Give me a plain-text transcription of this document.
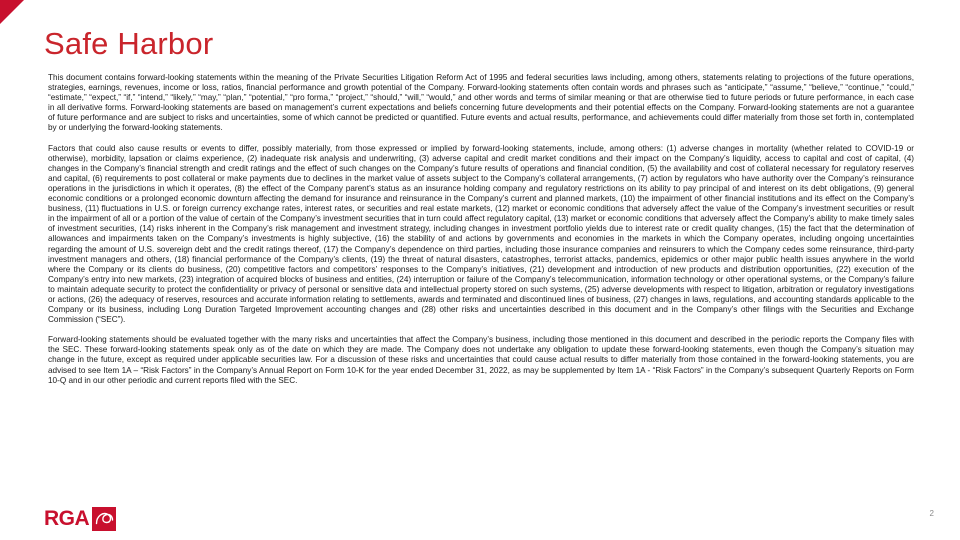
Safe Harbor

This document contains forward-looking statements within the meaning of the Private Securities Litigation Reform Act of 1995 and federal securities laws including, among others, statements relating to projections of the future operations, strategies, earnings, revenues, income or loss, ratios, financial performance and growth potential of the Company. Forward-looking statements often contain words and phrases such as “anticipate,” “assume,” “believe,” “continue,” “could,” “estimate,” “expect,” “if,” “intend,” “likely,” “may,” “plan,” “potential,” “pro forma,” “project,” “should,” “will,” “would,” and other words and terms of similar meaning or that are otherwise tied to future periods or future performance, in each case in all derivative forms. Forward-looking statements are based on management’s current expectations and beliefs concerning future developments and their potential effects on the Company. Forward-looking statements are not a guarantee of future performance and are subject to risks and uncertainties, some of which cannot be predicted or quantified. Future events and actual results, performance, and achievements could differ materially from those set forth in, contemplated by or underlying the forward-looking statements.

Factors that could also cause results or events to differ, possibly materially, from those expressed or implied by forward-looking statements, include, among others: (1) adverse changes in mortality (whether related to COVID-19 or otherwise), morbidity, lapsation or claims experience, (2) inadequate risk analysis and underwriting, (3) adverse capital and credit market conditions and their impact on the Company’s liquidity, access to capital and cost of capital, (4) changes in the Company’s financial strength and credit ratings and the effect of such changes on the Company’s future results of operations and financial condition, (5) the availability and cost of collateral necessary for regulatory reserves and capital, (6) requirements to post collateral or make payments due to declines in the market value of assets subject to the Company’s collateral arrangements, (7) action by regulators who have authority over the Company’s reinsurance operations in the jurisdictions in which it operates, (8) the effect of the Company parent’s status as an insurance holding company and regulatory restrictions on its ability to pay principal of and interest on its debt obligations, (9) general economic conditions or a prolonged economic downturn affecting the demand for insurance and reinsurance in the Company’s current and planned markets, (10) the impairment of other financial institutions and its effect on the Company’s business, (11) fluctuations in U.S. or foreign currency exchange rates, interest rates, or securities and real estate markets, (12) market or economic conditions that adversely affect the value of the Company’s investment securities or result in the impairment of all or a portion of the value of certain of the Company’s investment securities that in turn could affect regulatory capital, (13) market or economic conditions that adversely affect the Company’s ability to make timely sales of investment securities, (14) risks inherent in the Company’s risk management and investment strategy, including changes in investment portfolio yields due to interest rate or credit quality changes, (15) the fact that the determination of allowances and impairments taken on the Company’s investments is highly subjective, (16) the stability of and actions by governments and economies in the markets in which the Company operates, including ongoing uncertainties regarding the amount of U.S. sovereign debt and the credit ratings thereof, (17) the Company’s dependence on third parties, including those insurance companies and reinsurers to which the Company cedes some reinsurance, third-party investment managers and others, (18) financial performance of the Company’s clients, (19) the threat of natural disasters, catastrophes, terrorist attacks, pandemics, epidemics or other major public health issues anywhere in the world where the Company or its clients do business, (20) competitive factors and competitors’ responses to the Company’s initiatives, (21) development and introduction of new products and distribution opportunities, (22) execution of the Company’s entry into new markets, (23) integration of acquired blocks of business and entities, (24) interruption or failure of the Company’s telecommunication, information technology or other operational systems, or the Company’s failure to maintain adequate security to protect the confidentiality or privacy of personal or sensitive data and intellectual property stored on such systems, (25) adverse developments with respect to litigation, arbitration or regulatory investigations or actions, (26) the adequacy of reserves, resources and accurate information relating to settlements, awards and terminated and discontinued lines of business, (27) changes in laws, regulations, and accounting standards applicable to the Company or its business, including Long Duration Targeted Improvement accounting changes and (28) other risks and uncertainties described in this document and in the Company’s other filings with the Securities and Exchange Commission (“SEC”).

Forward-looking statements should be evaluated together with the many risks and uncertainties that affect the Company’s business, including those mentioned in this document and described in the periodic reports the Company files with the SEC. These forward-looking statements speak only as of the date on which they are made. The Company does not undertake any obligation to update these forward-looking statements, even though the Company’s situation may change in the future, except as required under applicable securities law. For a discussion of these risks and uncertainties that could cause actual results to differ materially from those contained in the forward-looking statements, you are advised to see Item 1A – “Risk Factors” in the Company’s Annual Report on Form 10-K for the year ended December 31, 2022, as may be supplemented by Item 1A - “Risk Factors” in the Company’s subsequent Quarterly Reports on Form 10-Q and in our other periodic and current reports filed with the SEC.

RGA	2
